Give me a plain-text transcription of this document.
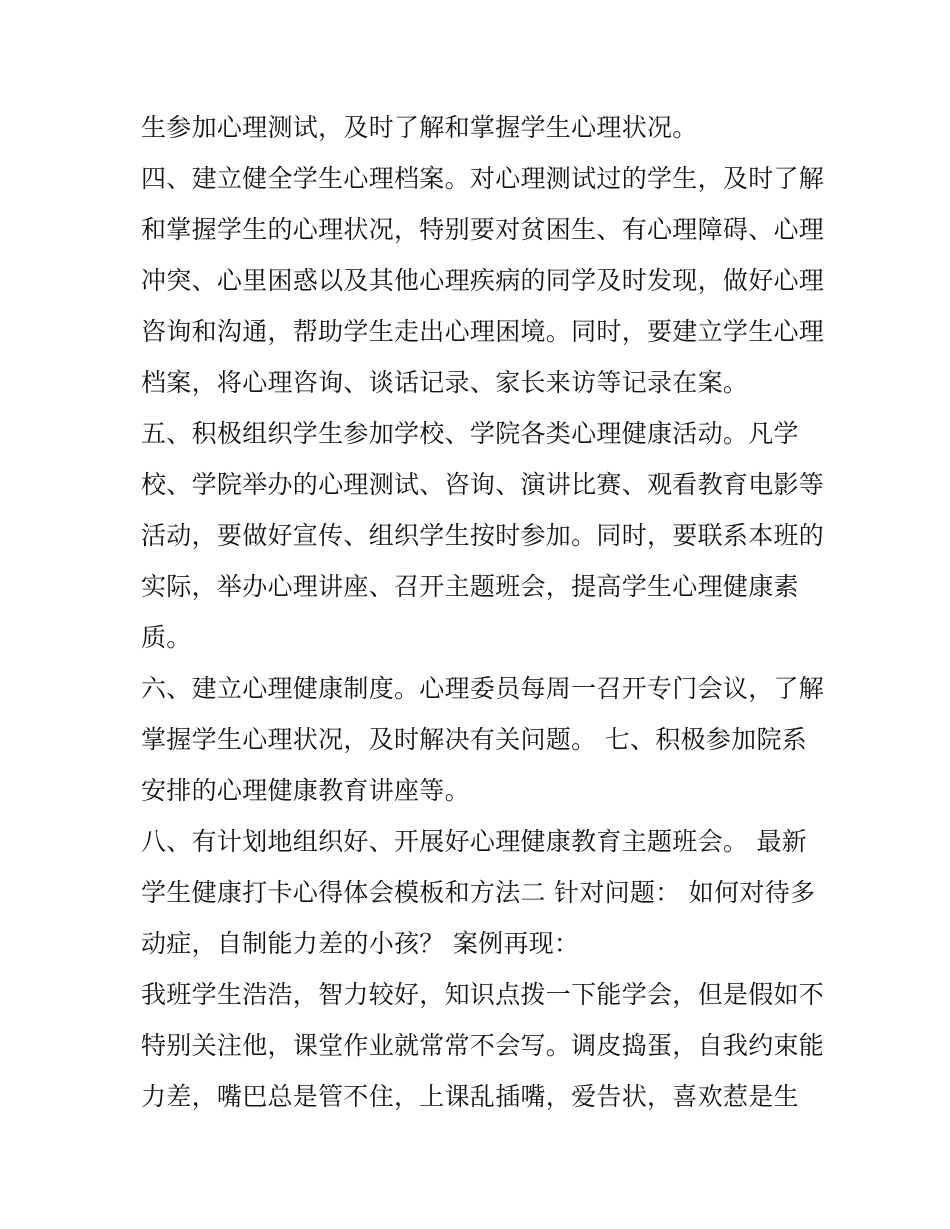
生参加心理测试，及时了解和掌握学生心理状况。
四、建立健全学生心理档案。对心理测试过的学生，及时了解
和掌握学生的心理状况，特别要对贫困生、有心理障碍、心理
冲突、心里困惑以及其他心理疾病的同学及时发现，做好心理
咨询和沟通，帮助学生走出心理困境。同时，要建立学生心理
档案，将心理咨询、谈话记录、家长来访等记录在案。
五、积极组织学生参加学校、学院各类心理健康活动。凡学
校、学院举办的心理测试、咨询、演讲比赛、观看教育电影等
活动，要做好宣传、组织学生按时参加。同时，要联系本班的
实际，举办心理讲座、召开主题班会，提高学生心理健康素
质。
六、建立心理健康制度。心理委员每周一召开专门会议，了解
掌握学生心理状况，及时解决有关问题。 七、积极参加院系
安排的心理健康教育讲座等。
八、有计划地组织好、开展好心理健康教育主题班会。 最新
学生健康打卡心得体会模板和方法二 针对问题： 如何对待多
动症，自制能力差的小孩？ 案例再现：
我班学生浩浩，智力较好，知识点拨一下能学会，但是假如不
特别关注他，课堂作业就常常不会写。调皮捣蛋，自我约束能
力差，嘴巴总是管不住，上课乱插嘴，爱告状，喜欢惹是生
